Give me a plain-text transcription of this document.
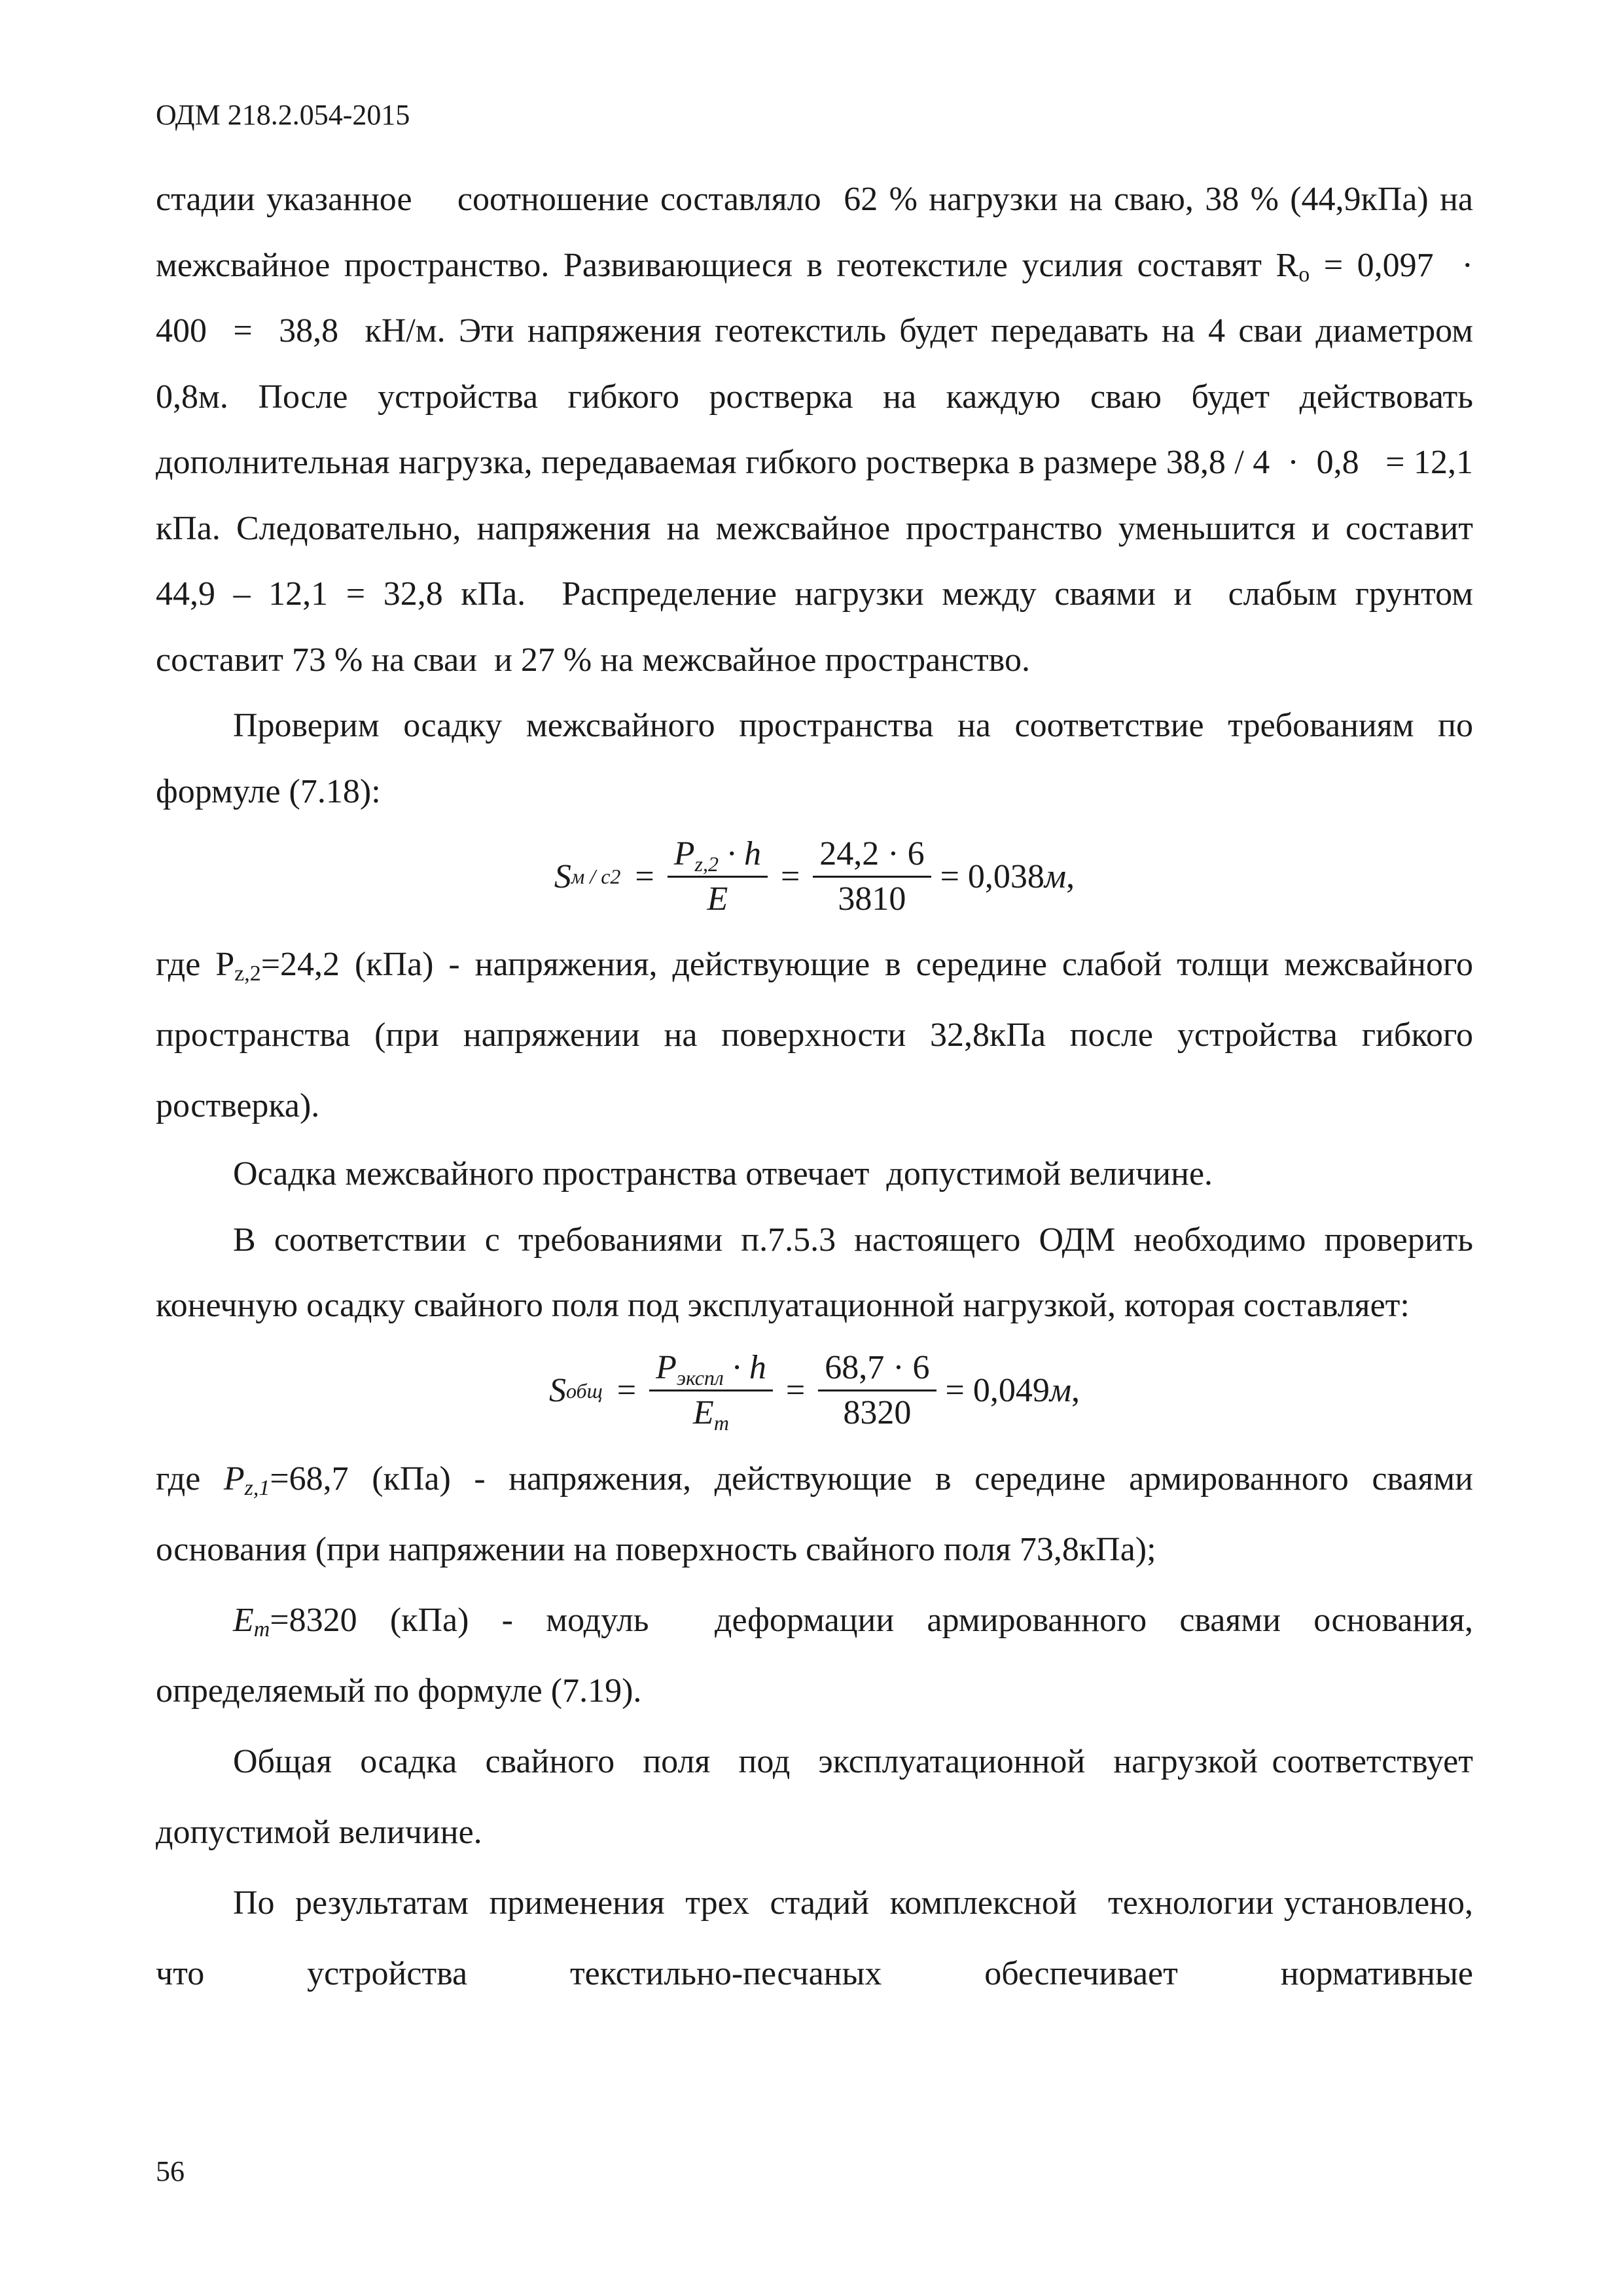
ОДМ 218.2.054-2015

стадии указанное    соотношение составляло  62 % нагрузки на сваю, 38 % (44,9кПа) на межсвайное пространство. Развивающиеся в геотекстиле усилия составят $R_o = 0,097 \cdot 400 = 38,8$  кН/м. Эти напряжения геотекстиль будет передавать на 4 сваи диаметром 0,8м. После устройства гибкого ростверка на каждую сваю будет действовать дополнительная нагрузка, передаваемая гибкого ростверка в размере 38,8 / 4  ·  0,8   = 12,1 кПа. Следовательно, напряжения на межсвайное пространство уменьшится и составит 44,9 – 12,1 = 32,8 кПа.  Распределение нагрузки между сваями и  слабым грунтом составит 73 % на сваи  и 27 % на межсвайное пространство.

Проверим осадку межсвайного пространства на соответствие требованиям по формуле (7.18):

S $м / с2 = \frac{Pz,2 \cdot h}{E} = \frac{24,2 \cdot 6}{3810} = 0,038$ м ,

где $P_{z,2}=24,2$ (кПа) - напряжения, действующие в середине слабой толщи межсвайного пространства (при напряжении на поверхности 32,8кПа после устройства гибкого ростверка).

Осадка межсвайного пространства отвечает  допустимой величине.

В соответствии с требованиями п.7.5.3 настоящего ОДМ необходимо проверить конечную осадку свайного поля под эксплуатационной нагрузкой, которая составляет:

S общ = $\frac{\text{Pэкспл · h}}{Em} = \frac{68,7 \cdot 6}{8320} = 0,049$ м ,

где $P_{z,1}=68,7$ (кПа) - напряжения, действующие в середине армированного сваями основания (при напряжении на поверхность свайного поля 73,8кПа);

$E_m=8320$ (кПа) - модуль  деформации армированного сваями основания, определяемый по формуле (7.19).

Общая  осадка  свайного  поля  под  эксплуатационной  нагрузкой соответствует допустимой величине.

По  результатам  применения  трех  стадий  комплексной   технологии установлено, что устройства текстильно-песчаных обеспечивает нормативные

56
